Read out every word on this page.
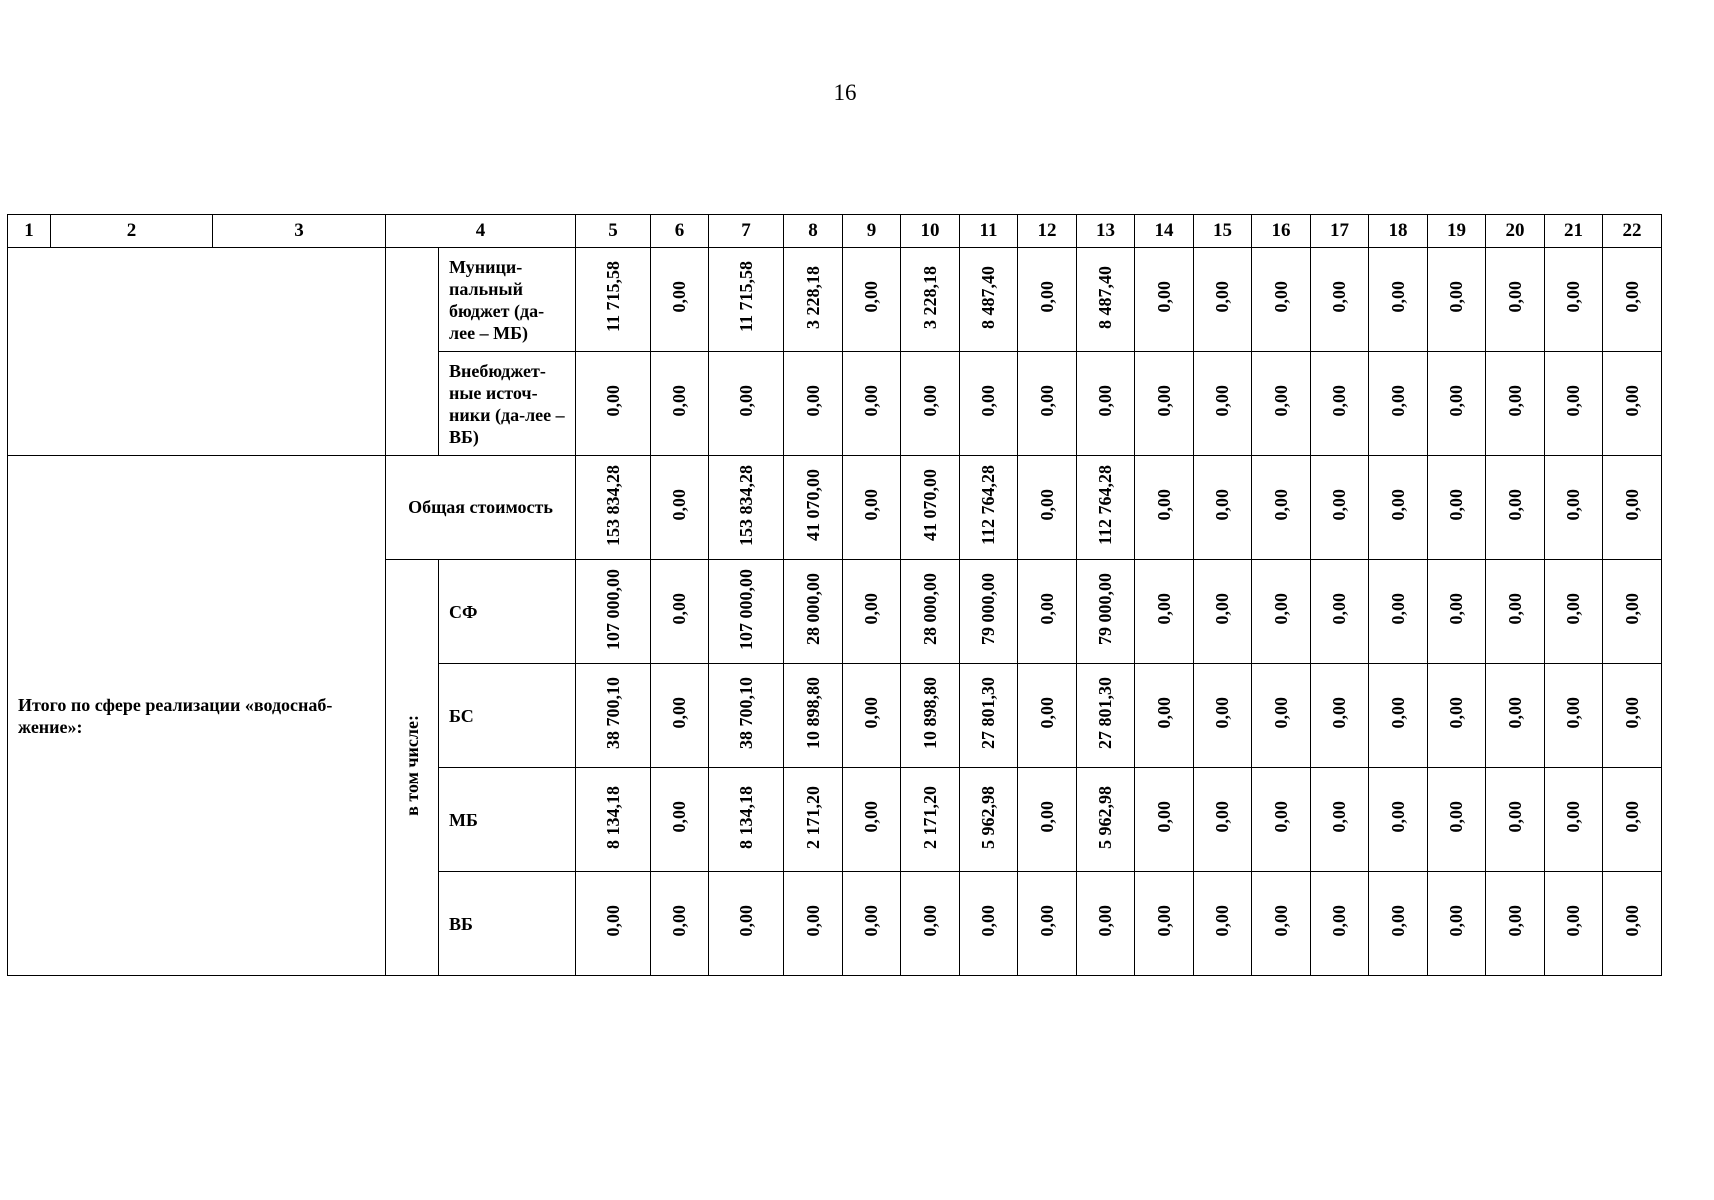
16
1	2	3	4		5	6	7	8	9	10	11	12	13	14	15	16	17	18	19	20	21	22
				Муници-пальный бюджет (да-лее – МБ)	11 715,58	0,00	11 715,58	3 228,18	0,00	3 228,18	8 487,40	0,00	8 487,40	0,00	0,00	0,00	0,00	0,00	0,00	0,00	0,00	0,00
				Внебюджет-ные источ-ники (да-лее – ВБ)	0,00	0,00	0,00	0,00	0,00	0,00	0,00	0,00	0,00	0,00	0,00	0,00	0,00	0,00	0,00	0,00	0,00	0,00
Итого по сфере реализации «водоснаб-жение»:			Общая стоимость		153 834,28	0,00	153 834,28	41 070,00	0,00	41 070,00	112 764,28	0,00	112 764,28	0,00	0,00	0,00	0,00	0,00	0,00	0,00	0,00	0,00
			в том числе:	СФ	107 000,00	0,00	107 000,00	28 000,00	0,00	28 000,00	79 000,00	0,00	79 000,00	0,00	0,00	0,00	0,00	0,00	0,00	0,00	0,00	0,00
				БС	38 700,10	0,00	38 700,10	10 898,80	0,00	10 898,80	27 801,30	0,00	27 801,30	0,00	0,00	0,00	0,00	0,00	0,00	0,00	0,00	0,00
				МБ	8 134,18	0,00	8 134,18	2 171,20	0,00	2 171,20	5 962,98	0,00	5 962,98	0,00	0,00	0,00	0,00	0,00	0,00	0,00	0,00	0,00
				ВБ	0,00	0,00	0,00	0,00	0,00	0,00	0,00	0,00	0,00	0,00	0,00	0,00	0,00	0,00	0,00	0,00	0,00	0,00
